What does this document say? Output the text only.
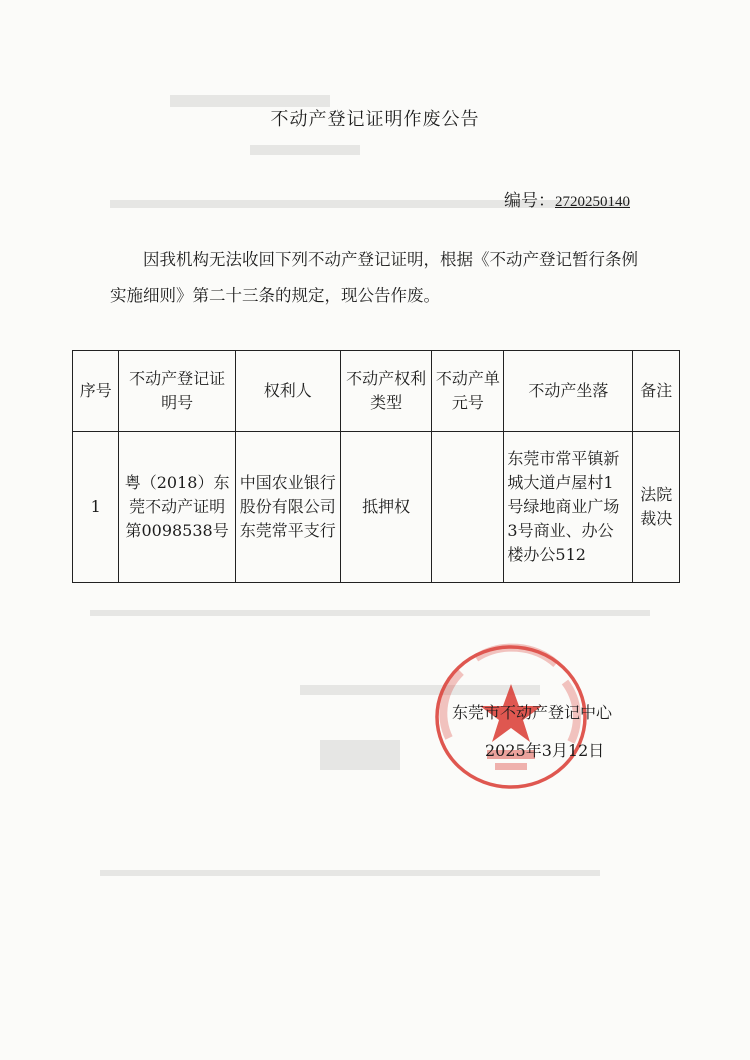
不动产登记证明作废公告
编号：2720250140
因我机构无法收回下列不动产登记证明，根据《不动产登记暂行条例实施细则》第二十三条的规定，现公告作废。
序号	不动产登记证明号	权利人	不动产权利类型	不动产单元号	不动产坐落	备注
1	粤（2018）东莞不动产证明第0098538号	中国农业银行股份有限公司东莞常平支行	抵押权		东莞市常平镇新城大道卢屋村1号绿地商业广场3号商业、办公楼办公512	法院裁决
东莞市不动产登记中心
2025年3月12日
